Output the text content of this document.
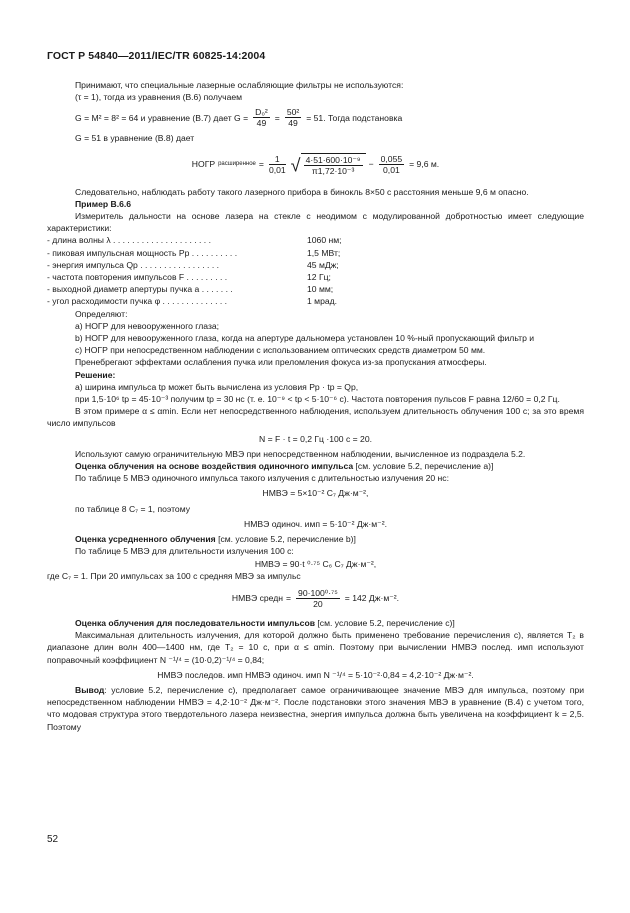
ГОСТ Р 54840—2011/IEC/TR 60825-14:2004

Принимают, что специальные лазерные ослабляющие фильтры не используются:

(τ = 1), тогда из уравнения (В.6) получаем

G = M² = 8² = 64 и уравнение (В.7) дает $G = \frac{\text{D₀²}}{49} = \frac{\text{50²}}{49} = 51$. Тогда подстановка

G = 51 в уравнение (В.8) дает

НОГР расширенное = $\frac{1}{0,01}$ √ $\frac{\text{4·51·600·10⁻⁹}}{\text{π1,72·10⁻³}} - \frac{0,055}{0,01} = 9,6$ м.

Следовательно, наблюдать работу такого лазерного прибора в бинокль 8×50 с расстояния меньше 9,6 м опасно.

Пример В.6.6

Измеритель дальности на основе лазера на стекле с неодимом с модулированной добротностью имеет следующие характеристики:

- длина волны λ . . . . . . . . . . . . . . . . . . . . .	1060 нм;
- пиковая импульсная мощность Pp . . . . . . . . . .	1,5 МВт;
- энергия импульса Qp . . . . . . . . . . . . . . . . .	45 мДж;
- частота повторения импульсов F . . . . . . . . .	12 Гц;
- выходной диаметр апертуры пучка a . . . . . . .	10 мм;
- угол расходимости пучка φ . . . . . . . . . . . . . .	1 мрад.

Определяют:

а) НОГР для невооруженного глаза;

b) НОГР для невооруженного глаза, когда на апертуре дальномера установлен 10 %-ный пропускающий фильтр и

с) НОГР при непосредственном наблюдении с использованием оптических средств диаметром 50 мм.

Пренебрегают эффектами ослабления пучка или преломления фокуса из-за пропускания атмосферы.

Решение:

а) ширина импульса tp может быть вычислена из условия Pp · tp = Qp,

при 1,5·10⁶ tp = 45·10⁻³ получим tp = 30 нс (т. е. 10⁻⁹ < tp < 5·10⁻⁶ с). Частота повторения пульсов F равна 12/60 = 0,2 Гц.

В этом примере α ≤ αmin. Если нет непосредственного наблюдения, используем длительность облучения 100 с; за это время число импульсов

N = F · t = 0,2 Гц ·100 с = 20.

Используют самую ограничительную МВЭ при непосредственном наблюдении, вычисленное из подраздела 5.2.

Оценка облучения на основе воздействия одиночного импульса [см. условие 5.2, перечисление а)]

По таблице 5 МВЭ одиночного импульса такого излучения с длительностью излучения 20 нс:

HМВЭ = 5×10⁻² C₇ Дж·м⁻²,

по таблице 8 C₇ = 1, поэтому

HМВЭ одиноч. имп = 5·10⁻² Дж·м⁻².

Оценка усредненного облучения [см. условие 5.2, перечисление b)]

По таблице 5 МВЭ для длительности излучения 100 с:

HМВЭ = 90·t ⁰·⁷⁵ C₆ C₇ Дж·м⁻²,

где C₇ = 1. При 20 импульсах за 100 с средняя МВЭ за импульс

HМВЭ средн = $\frac{\text{90·100⁰·⁷⁵}}{20} = 142$ Дж·м⁻².

Оценка облучения для последовательности импульсов [см. условие 5.2, перечисление с)]

Максимальная длительность излучения, для которой должно быть применено требование перечисления с), является T₂ в диапазоне длин волн 400—1400 нм, где T₂ = 10 с, при α ≤ αmin. Поэтому при вычислении HМВЭ послед. имп используют поправочный коэффициент N ⁻¹/⁴ = (10·0,2)⁻¹/⁴ = 0,84;

HМВЭ последов. имп HМВЭ одиноч. имп N ⁻¹/⁴ = 5·10⁻²·0,84 = 4,2·10⁻² Дж·м⁻².

Вывод: условие 5.2, перечисление с), предполагает самое ограничивающее значение МВЭ для импульса, поэтому при непосредственном наблюдении HМВЭ = 4,2·10⁻² Дж·м⁻². После подстановки этого значения МВЭ в уравнение (В.4) с учетом того, что модовая структура этого твердотельного лазера неизвестна, энергия импульса должна быть увеличена на коэффициент k = 2,5. Поэтому

52
